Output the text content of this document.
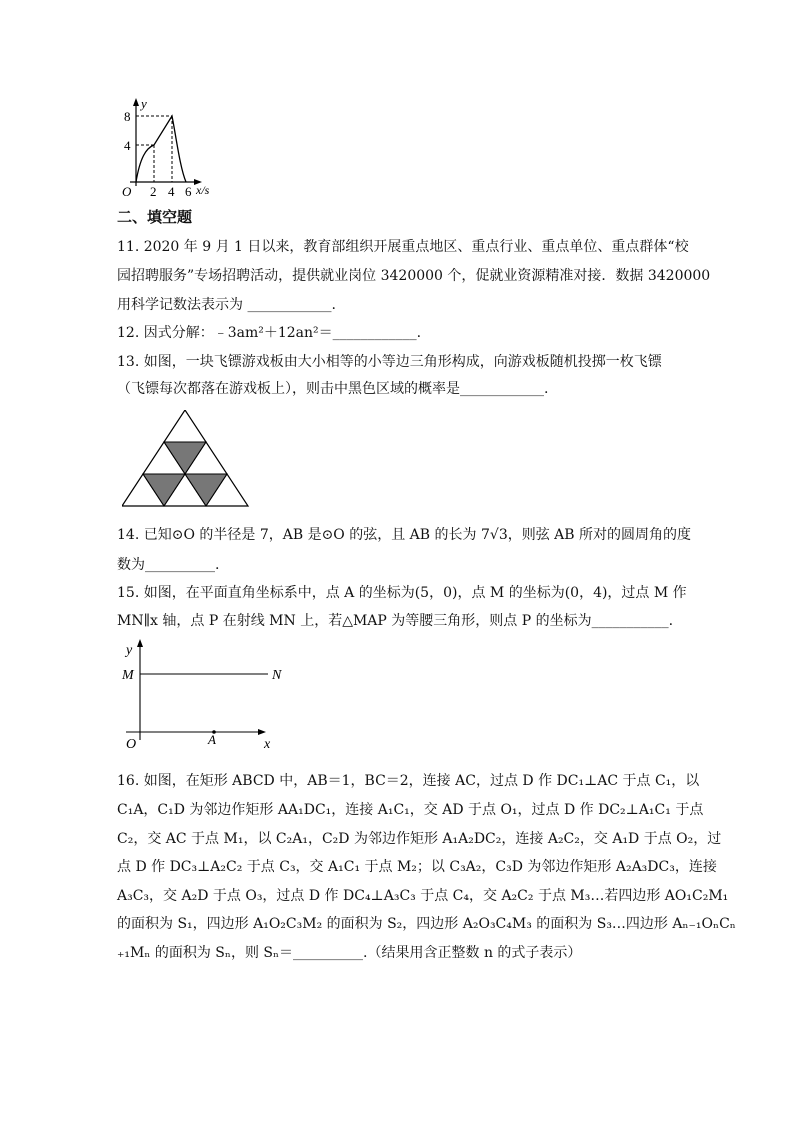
y
8
4
O 2 4 6 x/s
二、填空题
11. 2020 年 9 月 1 日以来，教育部组织开展重点地区、重点行业、重点单位、重点群体“校
园招聘服务”专场招聘活动，提供就业岗位 3420000 个，促就业资源精准对接．数据 3420000
用科学记数法表示为 ____________.
12. 因式分解：﹣3am²＋12an²＝____________.
13. 如图，一块飞镖游戏板由大小相等的小等边三角形构成，向游戏板随机投掷一枚飞镖
（飞镖每次都落在游戏板上），则击中黑色区域的概率是____________.
14. 已知⊙O 的半径是 7，AB 是⊙O 的弦，且 AB 的长为 7√3，则弦 AB 所对的圆周角的度
数为__________.
15. 如图，在平面直角坐标系中，点 A 的坐标为(5，0)，点 M 的坐标为(0，4)，过点 M 作
MN∥x 轴，点 P 在射线 MN 上，若△MAP 为等腰三角形，则点 P 的坐标为___________.
y
M	N
O	A	x
16. 如图，在矩形 ABCD 中，AB＝1，BC＝2，连接 AC，过点 D 作 DC₁⊥AC 于点 C₁，以
C₁A，C₁D 为邻边作矩形 AA₁DC₁，连接 A₁C₁，交 AD 于点 O₁，过点 D 作 DC₂⊥A₁C₁ 于点
C₂，交 AC 于点 M₁，以 C₂A₁，C₂D 为邻边作矩形 A₁A₂DC₂，连接 A₂C₂，交 A₁D 于点 O₂，过
点 D 作 DC₃⊥A₂C₂ 于点 C₃，交 A₁C₁ 于点 M₂；以 C₃A₂，C₃D 为邻边作矩形 A₂A₃DC₃，连接
A₃C₃，交 A₂D 于点 O₃，过点 D 作 DC₄⊥A₃C₃ 于点 C₄，交 A₂C₂ 于点 M₃…若四边形 AO₁C₂M₁
的面积为 S₁，四边形 A₁O₂C₃M₂ 的面积为 S₂，四边形 A₂O₃C₄M₃ 的面积为 S₃…四边形 Aₙ₋₁OₙCₙ
₊₁Mₙ 的面积为 Sₙ，则 Sₙ＝__________.（结果用含正整数 n 的式子表示）
